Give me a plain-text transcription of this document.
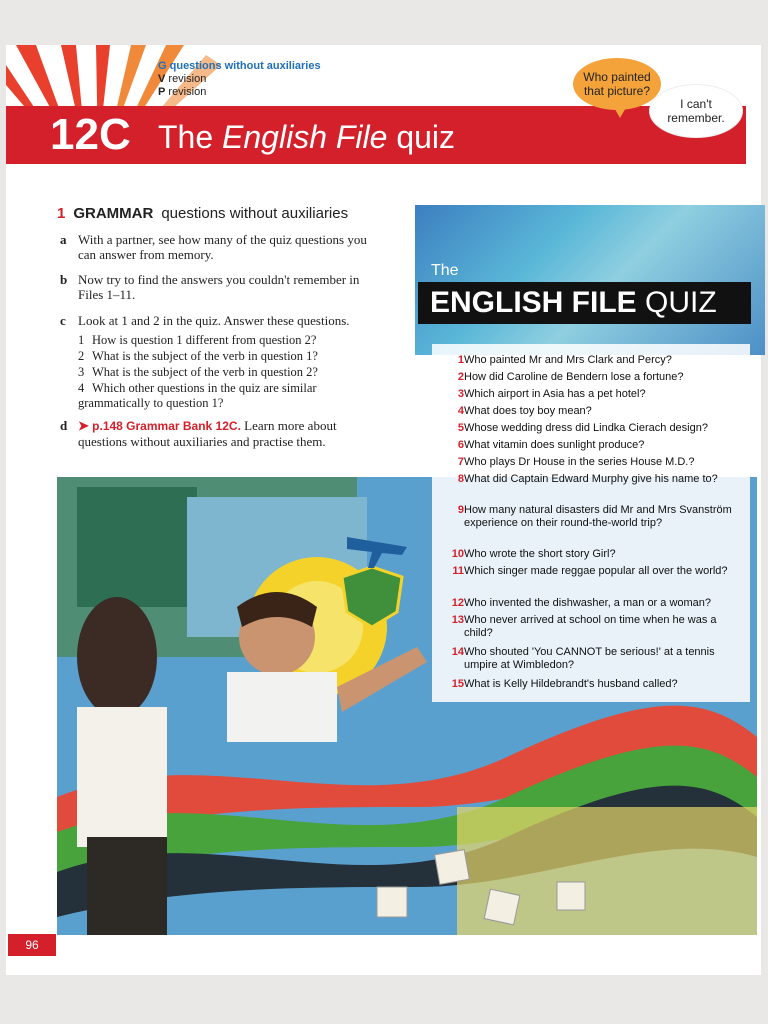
G questions without auxiliaries
V revision
P revision
12C The English File quiz
Who painted that picture?
I can't remember.
1 GRAMMAR questions without auxiliaries
a With a partner, see how many of the quiz questions you can answer from memory.
b Now try to find the answers you couldn't remember in Files 1–11.
c Look at 1 and 2 in the quiz. Answer these questions.
1 How is question 1 different from question 2?
2 What is the subject of the verb in question 1?
3 What is the subject of the verb in question 2?
4 Which other questions in the quiz are similar grammatically to question 1?
d ➤ p.148 Grammar Bank 12C. Learn more about questions without auxiliaries and practise them.
The
ENGLISH FILE QUIZ
1 Who painted Mr and Mrs Clark and Percy?
2 How did Caroline de Bendern lose a fortune?
3 Which airport in Asia has a pet hotel?
4 What does toy boy mean?
5 Whose wedding dress did Lindka Cierach design?
6 What vitamin does sunlight produce?
7 Who plays Dr House in the series House M.D.?
8 What did Captain Edward Murphy give his name to?
9 How many natural disasters did Mr and Mrs Svanström experience on their round-the-world trip?
10 Who wrote the short story Girl?
11 Which singer made reggae popular all over the world?
12 Who invented the dishwasher, a man or a woman?
13 Who never arrived at school on time when he was a child?
14 Who shouted 'You CANNOT be serious!' at a tennis umpire at Wimbledon?
15 What is Kelly Hildebrandt's husband called?
96
